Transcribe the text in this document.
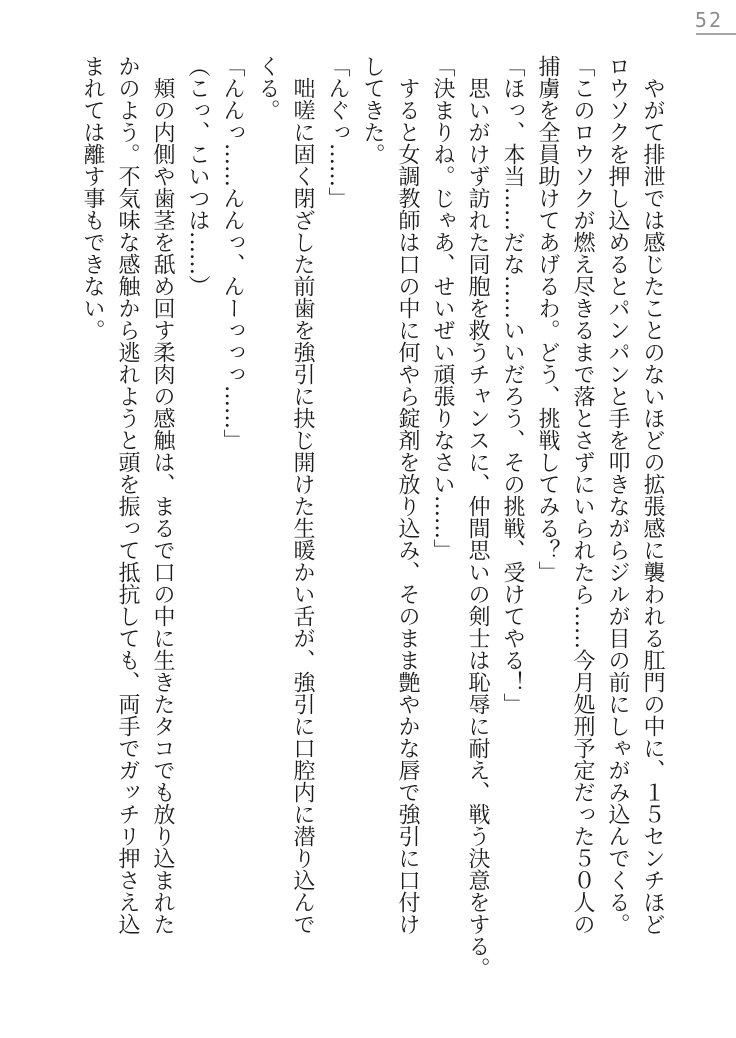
52

やがて排泄では感じたことのないほどの拡張感に襲われる肛門の中に、１５センチほど

ロウソクを押し込めるとパンパンと手を叩きながらジルが目の前にしゃがみ込んでくる。

「このロウソクが燃え尽きるまで落とさずにいられたら……今月処刑予定だった５０人の

捕虜を全員助けてあげるわ。どう、挑戦してみる？」

「ほっ、本当……だな……いいだろう、その挑戦、受けてやる！」

思いがけず訪れた同胞を救うチャンスに、仲間思いの剣士は恥辱に耐え、戦う決意をする。

「決まりね。じゃあ、せいぜい頑張りなさい……」

すると女調教師は口の中に何やら錠剤を放り込み、そのまま艶やかな唇で強引に口付け

してきた。

「んぐっ……」

咄嗟に固く閉ざした前歯を強引に抉じ開けた生暖かい舌が、強引に口腔内に潜り込んで

くる。

「んんっ……んんっ、んーっっっ……」

（こっ、こいつは……）

頬の内側や歯茎を舐め回す柔肉の感触は、まるで口の中に生きたタコでも放り込まれた

かのよう。不気味な感触から逃れようと頭を振って抵抗しても、両手でガッチリ押さえ込

まれては離す事もできない。
